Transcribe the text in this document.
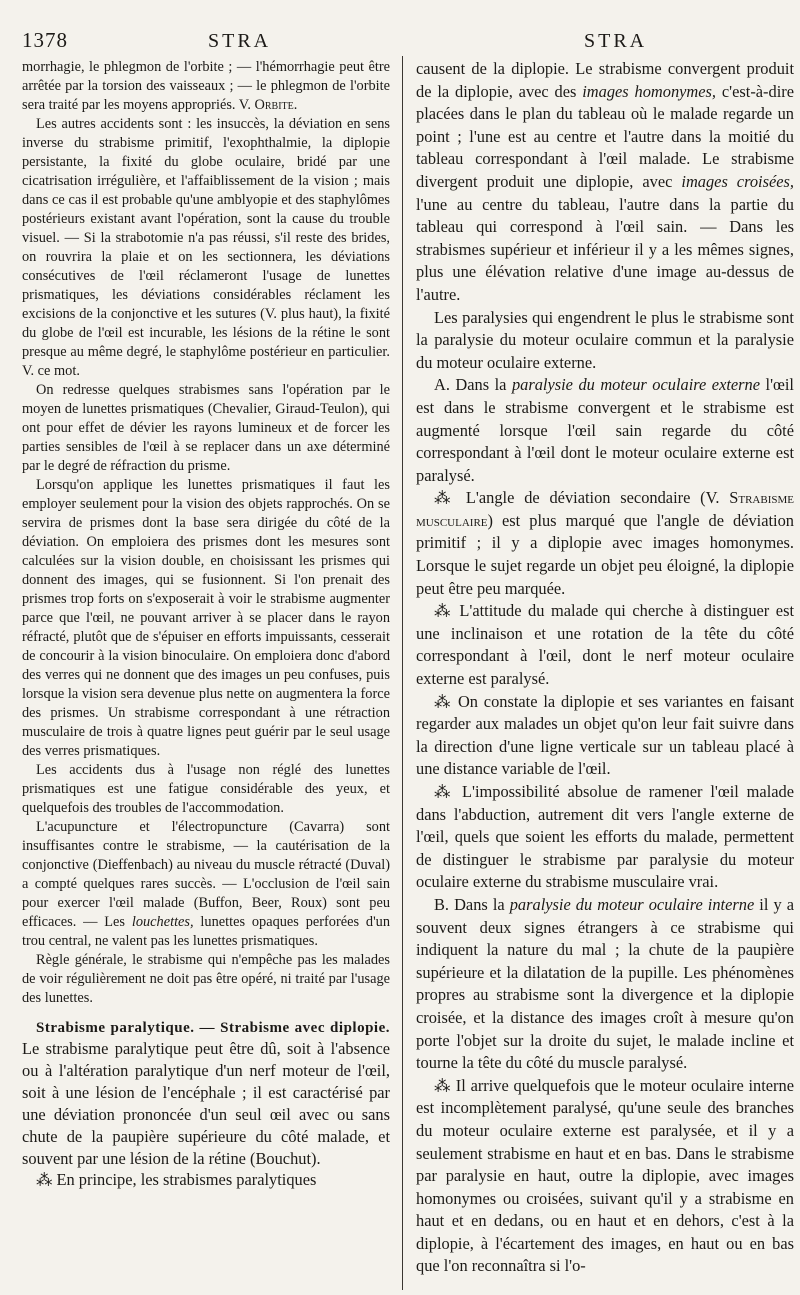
1378	STRA	STRA

morrhagie, le phlegmon de l'orbite ; — l'hémorrhagie peut être arrêtée par la torsion des vaisseaux ; — le phlegmon de l'orbite sera traité par les moyens appropriés. V. Orbite.

Les autres accidents sont : les insuccès, la déviation en sens inverse du strabisme primitif, l'exophthalmie, la diplopie persistante, la fixité du globe oculaire, bridé par une cicatrisation irrégulière, et l'affaiblissement de la vision ; mais dans ce cas il est probable qu'une amblyopie et des staphylômes postérieurs existant avant l'opération, sont la cause du trouble visuel. — Si la strabotomie n'a pas réussi, s'il reste des brides, on rouvrira la plaie et on les sectionnera, les déviations consécutives de l'œil réclameront l'usage de lunettes prismatiques, les déviations considérables réclament les excisions de la conjonctive et les sutures (V. plus haut), la fixité du globe de l'œil est incurable, les lésions de la rétine le sont presque au même degré, le staphylôme postérieur en particulier. V. ce mot.

On redresse quelques strabismes sans l'opération par le moyen de lunettes prismatiques (Chevalier, Giraud-Teulon), qui ont pour effet de dévier les rayons lumineux et de forcer les parties sensibles de l'œil à se replacer dans un axe déterminé par le degré de réfraction du prisme.

Lorsqu'on applique les lunettes prismatiques il faut les employer seulement pour la vision des objets rapprochés. On se servira de prismes dont la base sera dirigée du côté de la déviation. On emploiera des prismes dont les mesures sont calculées sur la vision double, en choisissant les prismes qui donnent des images, qui se fusionnent. Si l'on prenait des prismes trop forts on s'exposerait à voir le strabisme augmenter parce que l'œil, ne pouvant arriver à se placer dans le rayon réfracté, plutôt que de s'épuiser en efforts impuissants, cesserait de concourir à la vision binoculaire. On emploiera donc d'abord des verres qui ne donnent que des images un peu confuses, puis lorsque la vision sera devenue plus nette on augmentera la force des prismes. Un strabisme correspondant à une rétraction musculaire de trois à quatre lignes peut guérir par le seul usage des verres prismatiques.

Les accidents dus à l'usage non réglé des lunettes prismatiques est une fatigue considérable des yeux, et quelquefois des troubles de l'accommodation.

L'acupuncture et l'électropuncture (Cavarra) sont insuffisantes contre le strabisme, — la cautérisation de la conjonctive (Dieffenbach) au niveau du muscle rétracté (Duval) a compté quelques rares succès. — L'occlusion de l'œil sain pour exercer l'œil malade (Buffon, Beer, Roux) sont peu efficaces. — Les louchettes, lunettes opaques perforées d'un trou central, ne valent pas les lunettes prismatiques.

Règle générale, le strabisme qui n'empêche pas les malades de voir régulièrement ne doit pas être opéré, ni traité par l'usage des lunettes.

Strabisme paralytique. — Strabisme avec diplopie. Le strabisme paralytique peut être dû, soit à l'absence ou à l'altération paralytique d'un nerf moteur de l'œil, soit à une lésion de l'encéphale ; il est caractérisé par une déviation prononcée d'un seul œil avec ou sans chute de la paupière supérieure du côté malade, et souvent par une lésion de la rétine (Bouchut).

⁂ En principe, les strabismes paralytiques

causent de la diplopie. Le strabisme convergent produit de la diplopie, avec des images homonymes, c'est-à-dire placées dans le plan du tableau où le malade regarde un point ; l'une est au centre et l'autre dans la moitié du tableau correspondant à l'œil malade. Le strabisme divergent produit une diplopie, avec images croisées, l'une au centre du tableau, l'autre dans la partie du tableau qui correspond à l'œil sain. — Dans les strabismes supérieur et inférieur il y a les mêmes signes, plus une élévation relative d'une image au-dessus de l'autre.

Les paralysies qui engendrent le plus le strabisme sont la paralysie du moteur oculaire commun et la paralysie du moteur oculaire externe.

A. Dans la paralysie du moteur oculaire externe l'œil est dans le strabisme convergent et le strabisme est augmenté lorsque l'œil sain regarde du côté correspondant à l'œil dont le moteur oculaire externe est paralysé.

⁂ L'angle de déviation secondaire (V. Strabisme musculaire) est plus marqué que l'angle de déviation primitif ; il y a diplopie avec images homonymes. Lorsque le sujet regarde un objet peu éloigné, la diplopie peut être peu marquée.

⁂ L'attitude du malade qui cherche à distinguer est une inclinaison et une rotation de la tête du côté correspondant à l'œil, dont le nerf moteur oculaire externe est paralysé.

⁂ On constate la diplopie et ses variantes en faisant regarder aux malades un objet qu'on leur fait suivre dans la direction d'une ligne verticale sur un tableau placé à une distance variable de l'œil.

⁂ L'impossibilité absolue de ramener l'œil malade dans l'abduction, autrement dit vers l'angle externe de l'œil, quels que soient les efforts du malade, permettent de distinguer le strabisme par paralysie du moteur oculaire externe du strabisme musculaire vrai.

B. Dans la paralysie du moteur oculaire interne il y a souvent deux signes étrangers à ce strabisme qui indiquent la nature du mal ; la chute de la paupière supérieure et la dilatation de la pupille. Les phénomènes propres au strabisme sont la divergence et la diplopie croisée, et la distance des images croît à mesure qu'on porte l'objet sur la droite du sujet, le malade incline et tourne la tête du côté du muscle paralysé.

⁂ Il arrive quelquefois que le moteur oculaire interne est incomplètement paralysé, qu'une seule des branches du moteur oculaire externe est paralysée, et il y a seulement strabisme en haut et en bas. Dans le strabisme par paralysie en haut, outre la diplopie, avec images homonymes ou croisées, suivant qu'il y a strabisme en haut et en dedans, ou en haut et en dehors, c'est à la diplopie, à l'écartement des images, en haut ou en bas que l'on reconnaîtra si l'o-
